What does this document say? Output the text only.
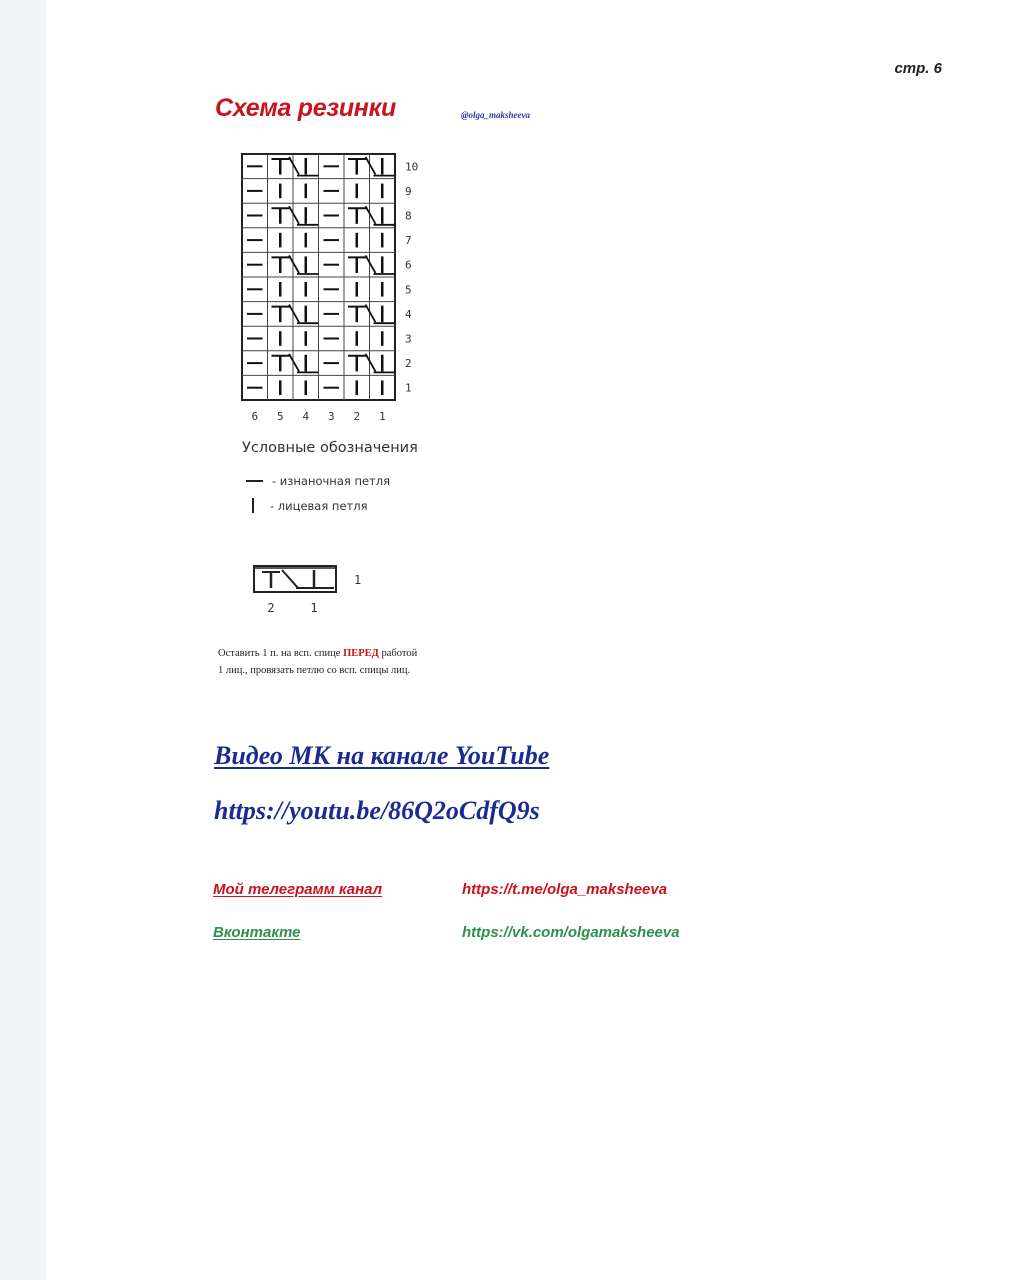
стр. 6
Схема резинки	@olga_maksheeva
10
9
8
7
6
5
4
3
2
1
6 5 4 3 2 1
Условные обозначения
- изнаночная петля
- лицевая петля
1
2	1
Оставить 1 п. на всп. спице ПЕРЕД работой
1 лиц., провязать петлю со всп. спицы лиц.
Видео МК на канале YouTube
https://youtu.be/86Q2oCdfQ9s
Мой телеграмм канал	https://t.me/olga_maksheeva
Вконтакте	https://vk.com/olgamaksheeva
